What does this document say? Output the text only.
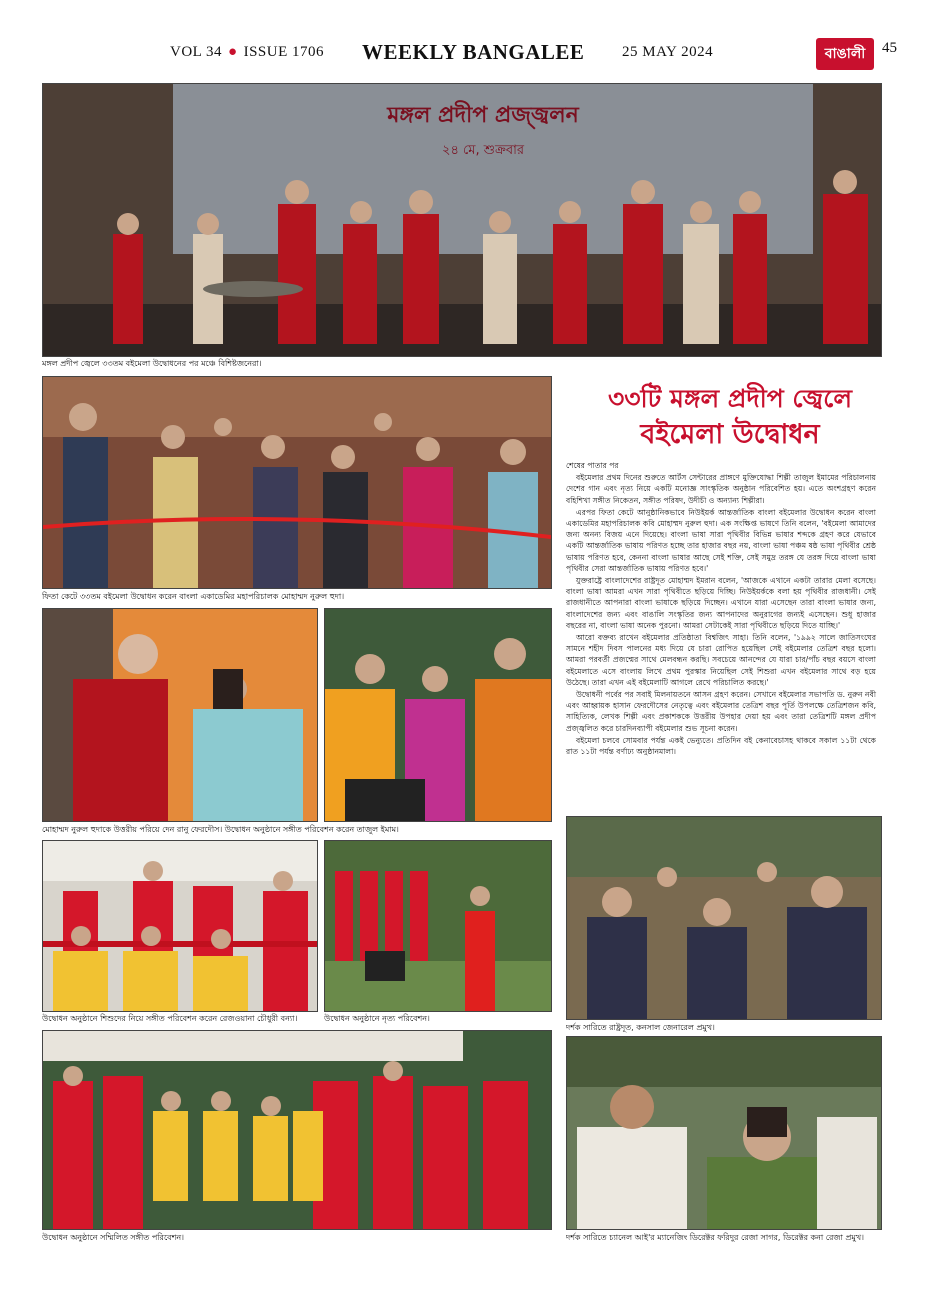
VOL 34 ● ISSUE 1706 WEEKLY BANGALEE	25 MAY 2024	বাঙালী	45
মঙ্গল প্রদীপ প্রজ্জ্বলন
২৪ মে, শুক্রবার
মঙ্গল প্রদীপ জ্বেলে ৩৩তম বইমেলা উদ্বোধনের পর মঞ্চে বিশিষ্টজনেরা।
ফিতা কেটে ৩৩তম বইমেলা উদ্বোধন করেন বাংলা একাডেমির মহাপরিচালক মোহাম্মদ নুরুল হুদা।
মোহাম্মদ নুরুল হুদাকে উত্তরীয় পরিয়ে দেন রানু ফেরদৌস। উদ্বোধন অনুষ্ঠানে সঙ্গীত পরিবেশন করেন তাজুল ইমাম।
উদ্বোধন অনুষ্ঠানে শিশুদের নিয়ে সঙ্গীত পরিবেশন করেন রেজওয়ানা চৌধুরী বন্যা।	উদ্বোধন অনুষ্ঠানে নৃত্য পরিবেশন।
দর্শক সারিতে রাষ্ট্রদূত, কনসাল জেনারেল প্রমুখ।
উদ্বোধন অনুষ্ঠানে সম্মিলিত সঙ্গীত পরিবেশন।	দর্শক সারিতে চ্যানেল আই'র ম্যানেজিং ডিরেক্টর ফরিদুর রেজা সাগর, ডিরেক্টর কনা রেজা প্রমুখ।
৩৩টি মঙ্গল প্রদীপ জ্বেলে
বইমেলা উদ্বোধন
শেষের পাতার পর

বইমেলার প্রথম দিনের শুরুতে আর্টস সেন্টারের প্রাঙ্গণে মুক্তিযোদ্ধা শিল্পী তাজুল ইমামের পরিচালনায় দেশের গান এবং নৃত্য নিয়ে একটি মনোজ্ঞ সাংস্কৃতিক অনুষ্ঠান পরিবেশিত হয়। এতে অংশগ্রহণ করেন বহিশিখা সঙ্গীত নিকেতন, সঙ্গীত পরিষদ, উদীচী ও অন্যান্য শিল্পীরা।

এরপর ফিতা কেটে আনুষ্ঠানিকভাবে নিউইয়র্ক আন্তর্জাতিক বাংলা বইমেলার উদ্বোধন করেন বাংলা একাডেমির মহাপরিচালক কবি মোহাম্মদ নুরুল হুদা। এক সংক্ষিপ্ত ভাষণে তিনি বলেন, 'বইমেলা আমাদের জন্য অনন্য বিজয় এনে দিয়েছে। বাংলা ভাষা সারা পৃথিবীর বিভিন্ন ভাষার শব্দকে গ্রহণ করে যেভাবে একটি আন্তর্জাতিক ভাষায় পরিণত হচ্ছে তার হাজার বছর নয়, বাংলা ভাষা পঞ্চম ষষ্ঠ ভাষা পৃথিবীর শ্রেষ্ঠ ভাষায় পরিণত হবে, কেননা বাংলা ভাষার আছে সেই শক্তি, সেই সমুদ্র তরঙ্গ যে তরঙ্গ দিয়ে বাংলা ভাষা পৃথিবীর সেরা আন্তর্জাতিক ভাষায় পরিণত হবে।'

যুক্তরাষ্ট্রে বাংলাদেশের রাষ্ট্রদূত মোহাম্মদ ইমরান বলেন, 'আজকে এখানে একটা তারার মেলা বসেছে। বাংলা ভাষা আমরা এখন সারা পৃথিবীতে ছড়িয়ে দিচ্ছি। নিউইয়র্ককে বলা হয় পৃথিবীর রাজধানী। সেই রাজধানীতে আপনারা বাংলা ভাষাকে ছড়িয়ে দিচ্ছেন। এখানে যারা এসেছেন তারা বাংলা ভাষার জন্য, বাংলাদেশের জন্য এবং বাঙালি সংস্কৃতির জন্য আপনাদের অনুরাগের জন্যই এসেছেন। শুধু হাজার বছরের না, বাংলা ভাষা অনেক পুরনো। আমরা সেটাকেই সারা পৃথিবীতে ছড়িয়ে দিতে যাচ্ছি।'

আরো বক্তব্য রাখেন বইমেলার প্রতিষ্ঠাতা বিশ্বজিৎ সাহা। তিনি বলেন, '১৯৯২ সালে জাতিসংঘের সামনে শহীদ দিবস পালনের মধ্য দিয়ে যে চারা রোপিত হয়েছিল সেই বইমেলার তেত্রিশ বছর হলো। আমরা পরবর্তী প্রজন্মের সাথে মেলবন্ধন করছি। সবচেয়ে আনন্দের যে যারা চার/পাঁচ বছর বয়সে বাংলা বইমেলাতে এসে বাংলায় লিখে প্রথম পুরস্কার নিয়েছিল সেই শিশুরা এখন বইমেলার সাথে বড় হয়ে উঠেছে। তারা এখন এই বইমেলাটি আগলে রেখে পরিচালিত করছে।'

উদ্বোধনী পর্বের পর সবাই মিলনায়তনে আসন গ্রহণ করেন। সেখানে বইমেলার সভাপতি ড. নুরুন নবী এবং আহ্বায়ক হাসান ফেরদৌসের নেতৃত্বে এবং বইমেলার তেত্রিশ বছর পূর্তি উপলক্ষে তেত্রিশজন কবি, সাহিত্যিক, লেখক শিল্পী এবং প্রকাশককে উত্তরীয় উপহার দেয়া হয় এবং তারা তেত্রিশটি মঙ্গল প্রদীপ প্রজ্জ্বলিত করে চারদিনব্যাপী বইমেলার শুভ সূচনা করেন।

বইমেলা চলবে সোমবার পর্যন্ত একই ভেন্যুতে। প্রতিদিন বই কেনাবেচাসহ থাকবে সকাল ১১টা থেকে রাত ১১টা পর্যন্ত বর্ণাঢ্য অনুষ্ঠানমালা।
